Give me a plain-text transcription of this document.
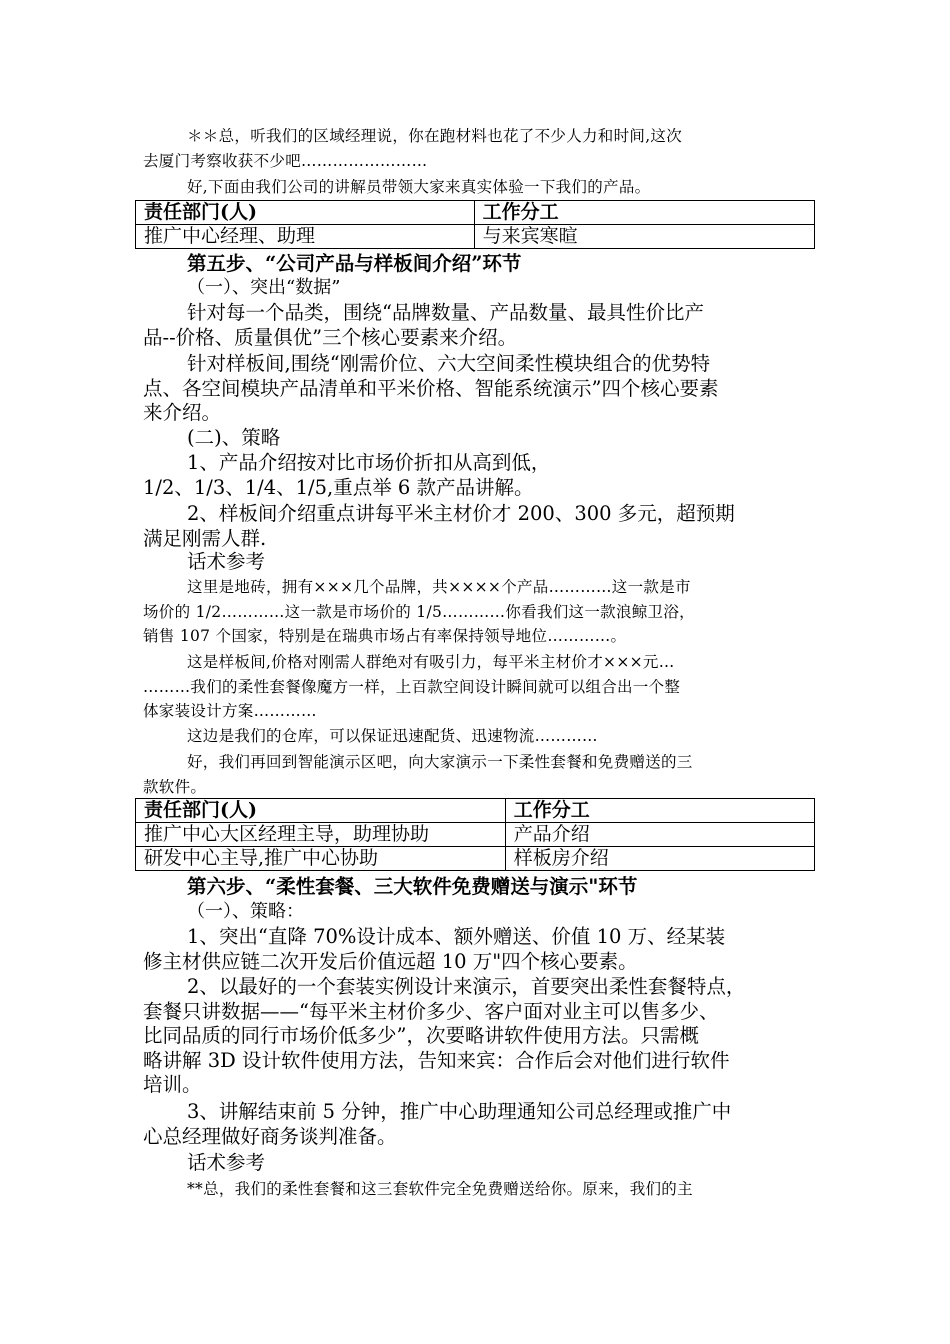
＊＊总，听我们的区域经理说，你在跑材料也花了不少人力和时间,这次
去厦门考察收获不少吧……………………
好,下面由我们公司的讲解员带领大家来真实体验一下我们的产品。
责任部门(人)	工作分工
推广中心经理、助理	与来宾寒暄
第五步、“公司产品与样板间介绍”环节
（一）、突出“数据”
针对每一个品类，围绕“品牌数量、产品数量、最具性价比产
品--价格、质量俱优”三个核心要素来介绍。
针对样板间,围绕“刚需价位、六大空间柔性模块组合的优势特
点、各空间模块产品清单和平米价格、智能系统演示”四个核心要素
来介绍。
(二)、策略
1、产品介绍按对比市场价折扣从高到低，
1/2、1/3、1/4、1/5,重点举 6 款产品讲解。
2、样板间介绍重点讲每平米主材价才 200、300 多元，超预期
满足刚需人群.
话术参考
这里是地砖，拥有×××几个品牌，共××××个产品…………这一款是市
场价的 1/2…………这一款是市场价的 1/5…………你看我们这一款浪鲸卫浴，
销售 107 个国家，特别是在瑞典市场占有率保持领导地位…………。
这是样板间,价格对刚需人群绝对有吸引力，每平米主材价才×××元…
………我们的柔性套餐像魔方一样，上百款空间设计瞬间就可以组合出一个整
体家装设计方案…………
这边是我们的仓库，可以保证迅速配货、迅速物流…………
好，我们再回到智能演示区吧，向大家演示一下柔性套餐和免费赠送的三
款软件。
责任部门(人)	工作分工
推广中心大区经理主导，助理协助	产品介绍
研发中心主导,推广中心协助	样板房介绍
第六步、“柔性套餐、三大软件免费赠送与演示"环节
（一）、策略：
1、突出“直降 70%设计成本、额外赠送、价值 10 万、经某装
修主材供应链二次开发后价值远超 10 万"四个核心要素。
2、以最好的一个套装实例设计来演示，首要突出柔性套餐特点，
套餐只讲数据——“每平米主材价多少、客户面对业主可以售多少、
比同品质的同行市场价低多少”，次要略讲软件使用方法。只需概
略讲解 3D 设计软件使用方法，告知来宾：合作后会对他们进行软件
培训。
3、讲解结束前 5 分钟，推广中心助理通知公司总经理或推广中
心总经理做好商务谈判准备。
话术参考
**总，我们的柔性套餐和这三套软件完全免费赠送给你。原来，我们的主
